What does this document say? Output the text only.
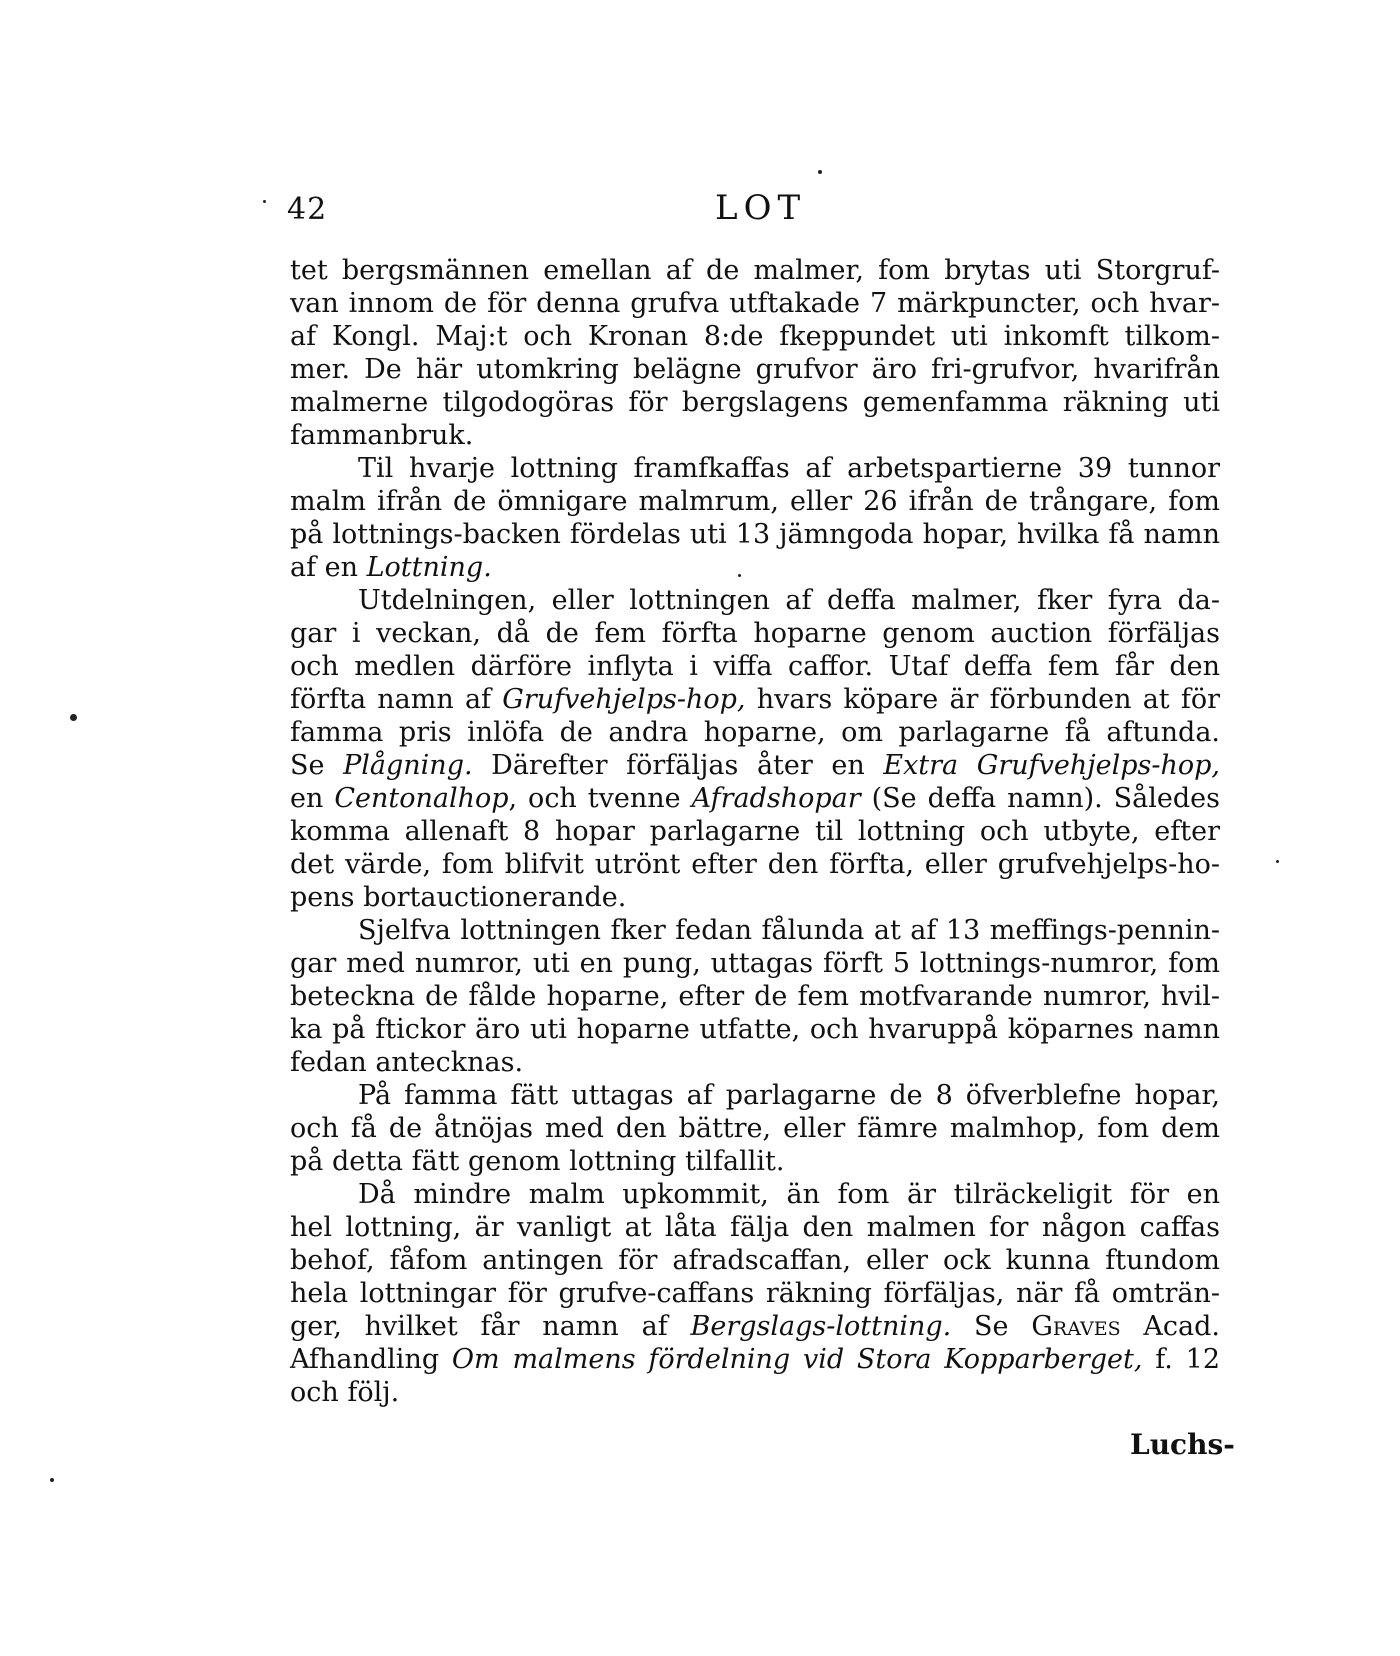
42	LOT
tet bergsmännen emellan af de malmer, fom brytas uti Storgruf-
van innom de för denna grufva utftakade 7 märkpuncter, och hvar-
af Kongl. Maj:t och Kronan 8:de fkeppundet uti inkomft tilkom-
mer. De här utomkring belägne grufvor äro fri-grufvor, hvarifrån
malmerne tilgodogöras för bergslagens gemenfamma räkning uti
fammanbruk.
Til hvarje lottning framfkaffas af arbetspartierne 39 tunnor
malm ifrån de ömnigare malmrum, eller 26 ifrån de trångare, fom
på lottnings-backen fördelas uti 13 jämngoda hopar, hvilka få namn
af en Lottning.
Utdelningen, eller lottningen af deffa malmer, fker fyra da-
gar i veckan, då de fem förfta hoparne genom auction förfäljas
och medlen därföre inflyta i viffa caffor. Utaf deffa fem får den
förfta namn af Grufvehjelps-hop, hvars köpare är förbunden at för
famma pris inlöfa de andra hoparne, om parlagarne få aftunda.
Se Plågning. Därefter förfäljas åter en Extra Grufvehjelps-hop,
en Centonalhop, och tvenne Afradshopar (Se deffa namn). Således
komma allenaft 8 hopar parlagarne til lottning och utbyte, efter
det värde, fom blifvit utrönt efter den förfta, eller grufvehjelps-ho-
pens bortauctionerande.
Sjelfva lottningen fker fedan fålunda at af 13 meffings-pennin-
gar med numror, uti en pung, uttagas förft 5 lottnings-numror, fom
beteckna de fålde hoparne, efter de fem motfvarande numror, hvil-
ka på ftickor äro uti hoparne utfatte, och hvaruppå köparnes namn
fedan antecknas.
På famma fätt uttagas af parlagarne de 8 öfverblefne hopar,
och få de åtnöjas med den bättre, eller fämre malmhop, fom dem
på detta fätt genom lottning tilfallit.
Då mindre malm upkommit, än fom är tilräckeligit för en
hel lottning, är vanligt at låta fälja den malmen for någon caffas
behof, fåfom antingen för afradscaffan, eller ock kunna ftundom
hela lottningar för grufve-caffans räkning förfäljas, när få omträn-
ger, hvilket får namn af Bergslags-lottning. Se Graves Acad.
Afhandling Om malmens fördelning vid Stora Kopparberget, f. 12
och följ.
Luchs-
